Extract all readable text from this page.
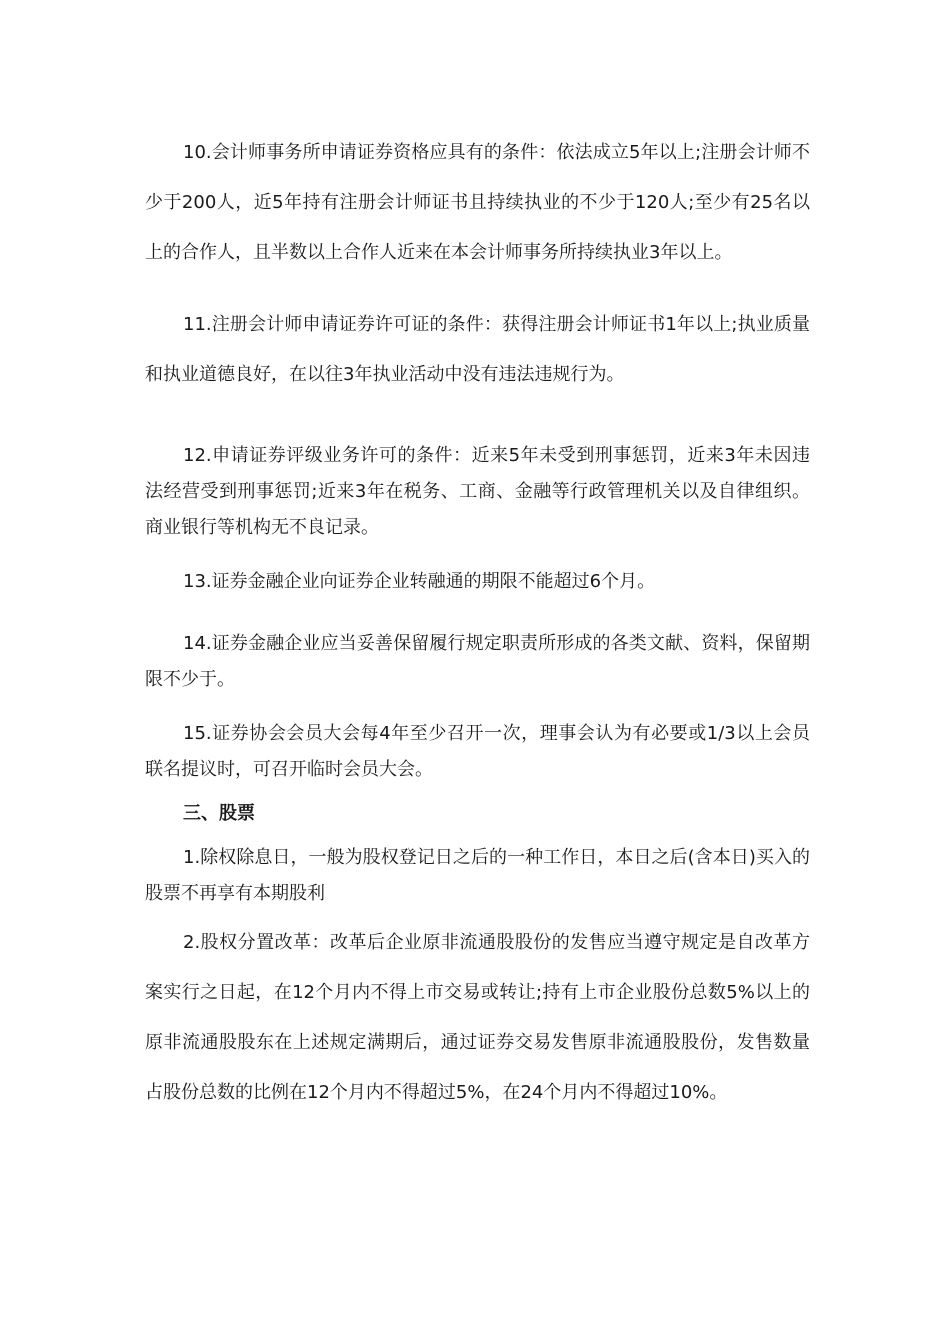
10.会计师事务所申请证券资格应具有的条件：依法成立5年以上;注册会计师不少于200人，近5年持有注册会计师证书且持续执业的不少于120人;至少有25名以上的合作人，且半数以上合作人近来在本会计师事务所持续执业3年以上。

11.注册会计师申请证券许可证的条件：获得注册会计师证书1年以上;执业质量和执业道德良好，在以往3年执业活动中没有违法违规行为。

12.申请证券评级业务许可的条件：近来5年未受到刑事惩罚，近来3年未因违法经营受到刑事惩罚;近来3年在税务、工商、金融等行政管理机关以及自律组织。商业银行等机构无不良记录。

13.证券金融企业向证券企业转融通的期限不能超过6个月。

14.证券金融企业应当妥善保留履行规定职责所形成的各类文献、资料，保留期限不少于。

15.证券协会会员大会每4年至少召开一次，理事会认为有必要或1/3以上会员联名提议时，可召开临时会员大会。

三、股票

1.除权除息日，一般为股权登记日之后的一种工作日，本日之后(含本日)买入的股票不再享有本期股利

2.股权分置改革：改革后企业原非流通股股份的发售应当遵守规定是自改革方案实行之日起，在12个月内不得上市交易或转让;持有上市企业股份总数5%以上的原非流通股股东在上述规定满期后，通过证券交易发售原非流通股股份，发售数量占股份总数的比例在12个月内不得超过5%，在24个月内不得超过10%。
